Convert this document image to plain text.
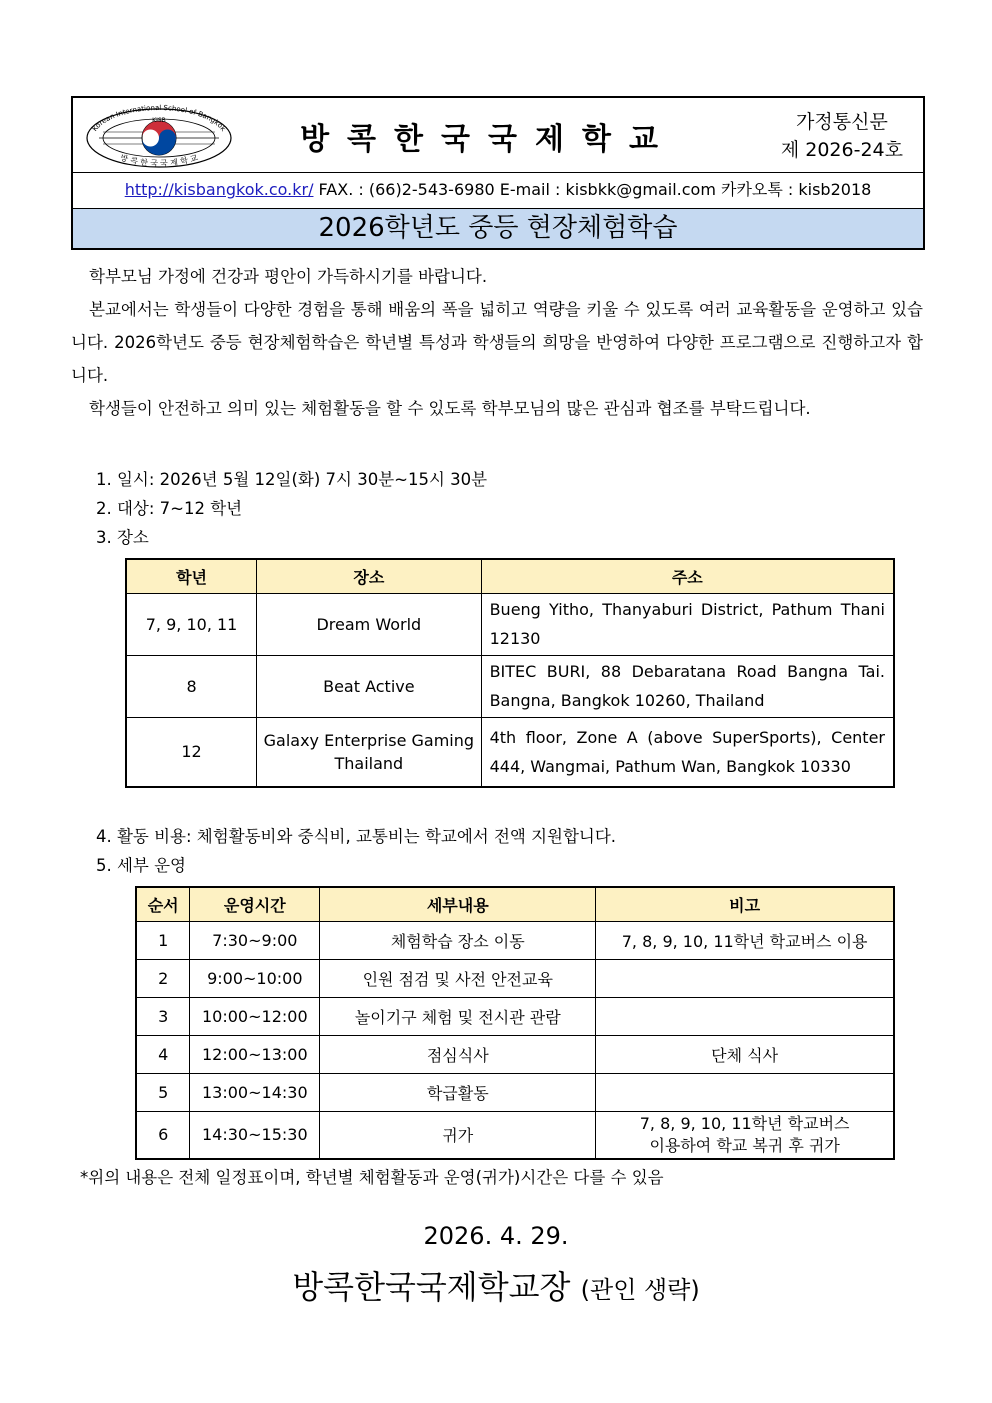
Korean International School of Bangkok
방 콕 한 국 국 제 학 교
KISB
방콕한국국제학교	가정통신문
제 2026-24호
http://kisbangkok.co.kr/ FAX. : (66)2-543-6980 E-mail : kisbkk@gmail.com 카카오톡 : kisb2018
2026학년도 중등 현장체험학습
학부모님 가정에 건강과 평안이 가득하시기를 바랍니다.
본교에서는 학생들이 다양한 경험을 통해 배움의 폭을 넓히고 역량을 키울 수 있도록 여러 교육활동을 운영하고 있습니다. 2026학년도 중등 현장체험학습은 학년별 특성과 학생들의 희망을 반영하여 다양한 프로그램으로 진행하고자 합니다.
학생들이 안전하고 의미 있는 체험활동을 할 수 있도록 학부모님의 많은 관심과 협조를 부탁드립니다.
1. 일시: 2026년 5월 12일(화) 7시 30분~15시 30분
2. 대상: 7~12 학년
3. 장소
학년	장소	주소
7, 9, 10, 11	Dream World	Bueng Yitho, Thanyaburi District, Pathum Thani 12130
8	Beat Active	BITEC BURI, 88 Debaratana Road Bangna Tai. Bangna, Bangkok 10260, Thailand
12	Galaxy Enterprise Gaming Thailand	4th floor, Zone A (above SuperSports), Center 444, Wangmai, Pathum Wan, Bangkok 10330
4. 활동 비용: 체험활동비와 중식비, 교통비는 학교에서 전액 지원합니다.
5. 세부 운영
순서	운영시간	세부내용	비고
1	7:30~9:00	체험학습 장소 이동	7, 8, 9, 10, 11학년 학교버스 이용
2	9:00~10:00	인원 점검 및 사전 안전교육	
3	10:00~12:00	놀이기구 체험 및 전시관 관람	
4	12:00~13:00	점심식사	단체 식사
5	13:00~14:30	학급활동	
6	14:30~15:30	귀가	7, 8, 9, 10, 11학년 학교버스 이용하여 학교 복귀 후 귀가
*위의 내용은 전체 일정표이며, 학년별 체험활동과 운영(귀가)시간은 다를 수 있음
2026. 4. 29.
방콕한국국제학교장 (관인 생략)
